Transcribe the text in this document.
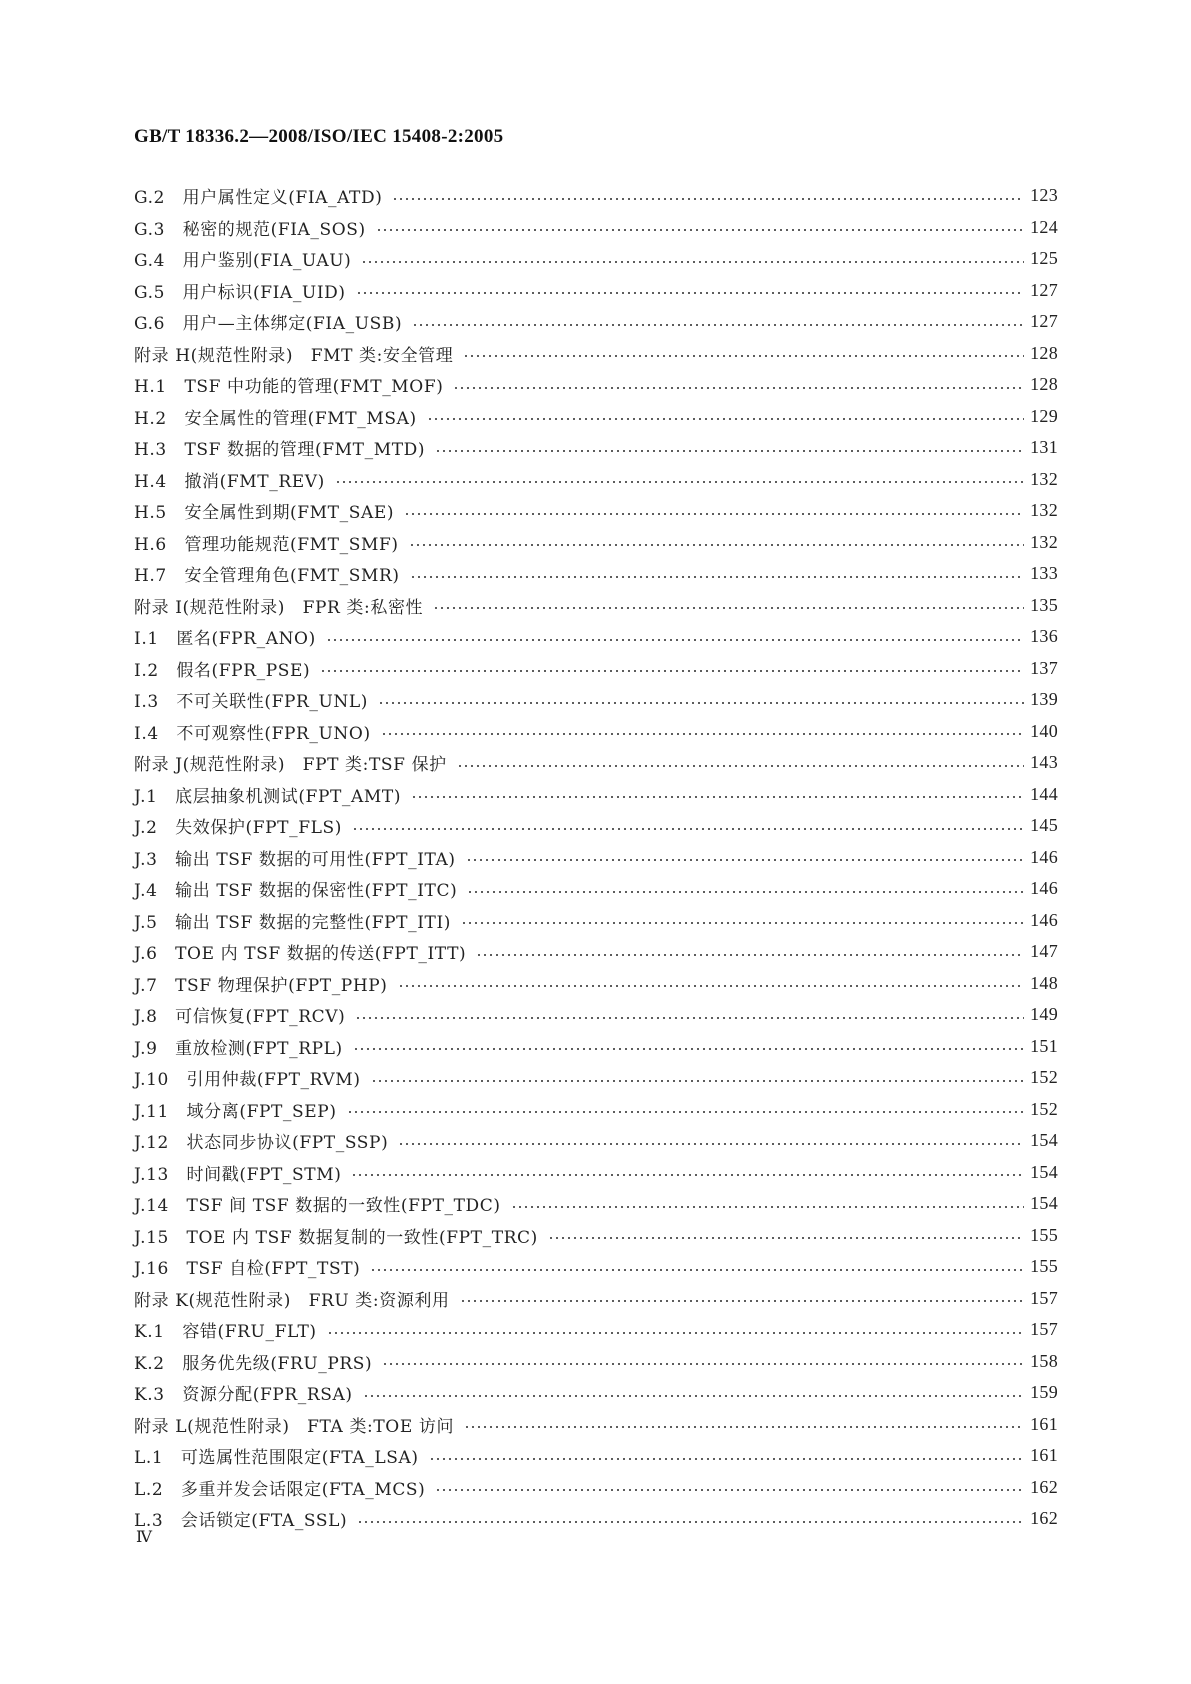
GB/T 18336.2—2008/ISO/IEC 15408-2:2005
G.2　用户属性定义(FIA_ATD)	123
G.3　秘密的规范(FIA_SOS)	124
G.4　用户鉴别(FIA_UAU)	125
G.5　用户标识(FIA_UID)	127
G.6　用户—主体绑定(FIA_USB)	127
附录 H(规范性附录)　FMT 类:安全管理	128
H.1　TSF 中功能的管理(FMT_MOF)	128
H.2　安全属性的管理(FMT_MSA)	129
H.3　TSF 数据的管理(FMT_MTD)	131
H.4　撤消(FMT_REV)	132
H.5　安全属性到期(FMT_SAE)	132
H.6　管理功能规范(FMT_SMF)	132
H.7　安全管理角色(FMT_SMR)	133
附录 I(规范性附录)　FPR 类:私密性	135
I.1　匿名(FPR_ANO)	136
I.2　假名(FPR_PSE)	137
I.3　不可关联性(FPR_UNL)	139
I.4　不可观察性(FPR_UNO)	140
附录 J(规范性附录)　FPT 类:TSF 保护	143
J.1　底层抽象机测试(FPT_AMT)	144
J.2　失效保护(FPT_FLS)	145
J.3　输出 TSF 数据的可用性(FPT_ITA)	146
J.4　输出 TSF 数据的保密性(FPT_ITC)	146
J.5　输出 TSF 数据的完整性(FPT_ITI)	146
J.6　TOE 内 TSF 数据的传送(FPT_ITT)	147
J.7　TSF 物理保护(FPT_PHP)	148
J.8　可信恢复(FPT_RCV)	149
J.9　重放检测(FPT_RPL)	151
J.10　引用仲裁(FPT_RVM)	152
J.11　域分离(FPT_SEP)	152
J.12　状态同步协议(FPT_SSP)	154
J.13　时间戳(FPT_STM)	154
J.14　TSF 间 TSF 数据的一致性(FPT_TDC)	154
J.15　TOE 内 TSF 数据复制的一致性(FPT_TRC)	155
J.16　TSF 自检(FPT_TST)	155
附录 K(规范性附录)　FRU 类:资源利用	157
K.1　容错(FRU_FLT)	157
K.2　服务优先级(FRU_PRS)	158
K.3　资源分配(FPR_RSA)	159
附录 L(规范性附录)　FTA 类:TOE 访问	161
L.1　可选属性范围限定(FTA_LSA)	161
L.2　多重并发会话限定(FTA_MCS)	162
L.3　会话锁定(FTA_SSL)	162
Ⅳ
